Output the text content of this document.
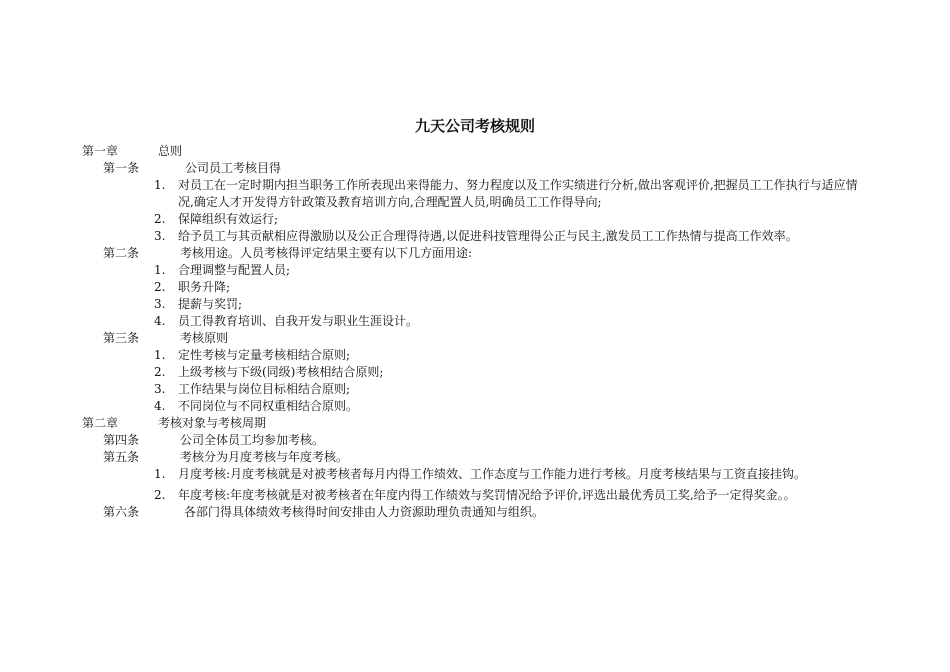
九天公司考核规则
第一章	总则
第一条	公司员工考核目得
1. 对员工在一定时期内担当职务工作所表现出来得能力、努力程度以及工作实绩进行分析,做出客观评价,把握员工工作执行与适应情况,确定人才开发得方针政策及教育培训方向,合理配置人员,明确员工工作得导向;
2. 保障组织有效运行;
3. 给予员工与其贡献相应得激励以及公正合理得待遇,以促进科技管理得公正与民主,激发员工工作热情与提高工作效率。
第二条	考核用途。人员考核得评定结果主要有以下几方面用途:
1. 合理调整与配置人员;
2. 职务升降;
3. 提薪与奖罚;
4. 员工得教育培训、自我开发与职业生涯设计。
第三条	考核原则
1. 定性考核与定量考核相结合原则;
2. 上级考核与下级(同级)考核相结合原则;
3. 工作结果与岗位目标相结合原则;
4. 不同岗位与不同权重相结合原则。
第二章	考核对象与考核周期
第四条	公司全体员工均参加考核。
第五条	考核分为月度考核与年度考核。
1. 月度考核:月度考核就是对被考核者每月内得工作绩效、工作态度与工作能力进行考核。月度考核结果与工资直接挂钩。
2. 年度考核:年度考核就是对被考核者在年度内得工作绩效与奖罚情况给予评价,评选出最优秀员工奖,给予一定得奖金。。
第六条	各部门得具体绩效考核得时间安排由人力资源助理负责通知与组织。
